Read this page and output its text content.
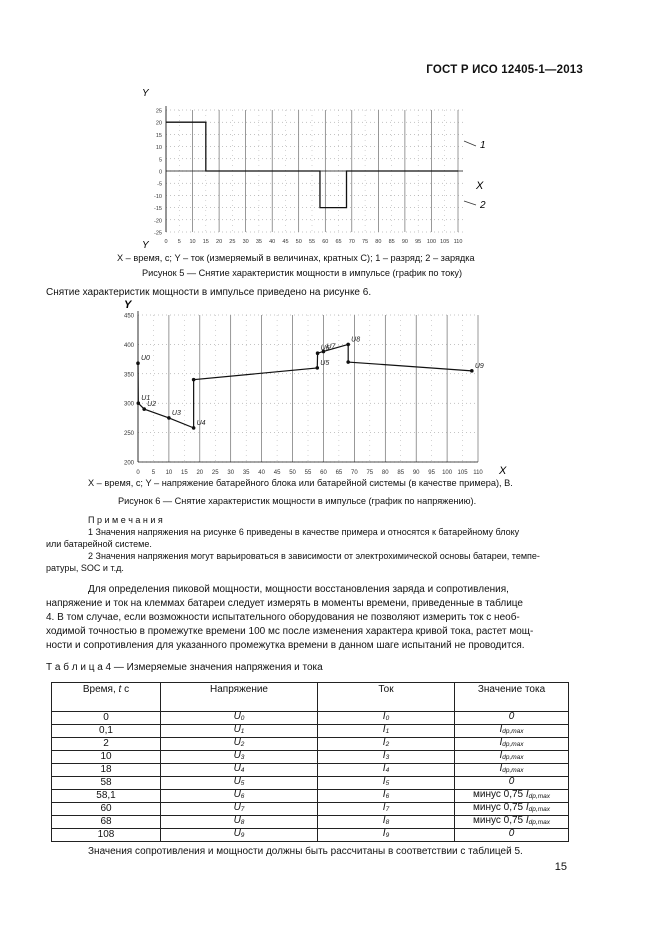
ГОСТ Р ИСО 12405-1—2013
25
20
15
10
5
0
-5
-10
-15
-20
-25
0 5 10 15 20 25 30 35 40 45 50 55 60 65 70 75 80 85 90 95 100 105 110
Y
Y
X
1
2
X – время, с; Y – ток (измеряемый в величинах, кратных C); 1 – разряд; 2 – зарядка
Рисунок 5 — Снятие характеристик мощности в импульсе (график по току)
Снятие характеристик мощности в импульсе приведено на рисунке 6.
450
400
350
300
250
200
0 5 10 15 20 25 30 35 40 45 50 55 60 65 70 75 80 85 90 95 100 105 110
U0
U1
U2
U3
U4
U5
U6
U7
U8
U9
Y
X
X – время, с; Y – напряжение батарейного блока или батарейной системы (в качестве примера), В.
Рисунок 6 — Снятие характеристик мощности в импульсе (график по напряжению).
П р и м е ч а н и я
1 Значения напряжения на рисунке 6 приведены в качестве примера и относятся к батарейному блоку
или батарейной системе.
2 Значения напряжения могут варьироваться в зависимости от электрохимической основы батареи, темпе-
ратуры, SOC и т.д.
Для определения пиковой мощности, мощности восстановления заряда и сопротивления,
напряжение и ток на клеммах батареи следует измерять в моменты времени, приведенные в таблице
4. В том случае, если возможности испытательного оборудования не позволяют измерить ток с необ-
ходимой точностью в промежутке времени 100 мс после изменения характера кривой тока, растет мощ-
ности и сопротивления для указанного промежутка времени в данном шаге испытаний не проводится.
Т а б л и ц а 4 — Измеряемые значения напряжения и тока
Время, t с	Напряжение	Ток	Значение тока
0	U0	I0	0
0,1	U1	I1	Idp,max
2	U2	I2	Idp,max
10	U3	I3	Idp,max
18	U4	I4	Idp,max
58	U5	I5	0
58,1	U6	I6	минус 0,75 Idp,max
60	U7	I7	минус 0,75 Idp,max
68	U8	I8	минус 0,75 Idp,max
108	U9	I9	0
Значения сопротивления и мощности должны быть рассчитаны в соответствии с таблицей 5.
15
